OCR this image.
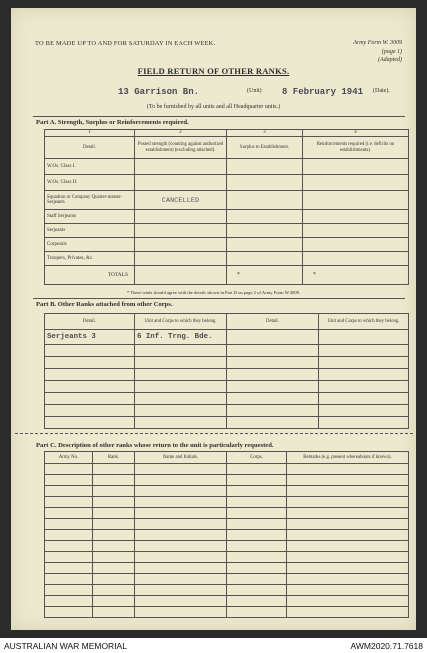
TO BE MADE UP TO AND FOR SATURDAY IN EACH WEEK.	Army Form W. 3009
(page 1)
(Adapted)
FIELD RETURN OF OTHER RANKS.
13 Garrison Bn.	(Unit) 8 February 1941 (Date).
(To be furnished by all units and all Headquarter units.)
Part A. Strength, Surplus or Reinforcements required.
1	2	3	4
Detail.	Posted strength (counting against authorized establishment) (excluding attached).	Surplus to Establishment.	Reinforcements required (i.e. deficits on establishments).
W.Os. Class I.			
W.Os. Class II.			
Squadron or Company Quarter-master-Serjeants	CANCELLED		
Staff Serjeants			
Serjeants			
Corporals			
Troopers, Privates, &c.			
TOTALS		*	*
* These totals should agree with the details shown in Part D on page 2 of Army Form W.3009.
Part B. Other Ranks attached from other Corps.
Detail.	Unit and Corps to which they belong.	Detail.	Unit and Corps to which they belong.
Serjeants 3	6 Inf. Trng. Bde.		

Part C. Description of other ranks whose return to the unit is particularly requested.
Army No.	Rank.	Name and Initials.	Corps.	Remarks (e.g. present whereabouts if known).

AUSTRALIAN WAR MEMORIAL	AWM2020.71.7618
